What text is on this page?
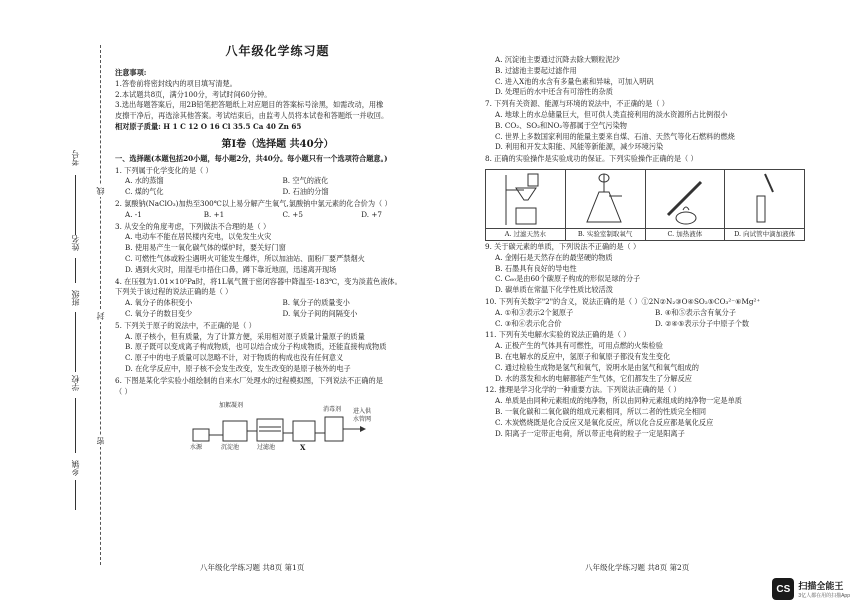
考号
姓名
班级
学校
乡镇
线
封
密
八年级化学练习题
注意事项:
1.答卷前将密封线内的项目填写清楚。
2.本试题共8页，满分100分，考试时间60分钟。
3.选出每题答案后，用2B铅笔把答题纸上对应题目的答案标号涂黑，如需改动，用橡
皮擦干净后，再选涂其他答案。考试结束后，由监考人员将本试卷和答题纸一并收回。
相对原子质量: H 1 C 12 O 16 Cl 35.5 Ca 40 Zn 65
第Ⅰ卷（选择题 共40分）
一、选择题(本题包括20小题，每小题2分，共40分。每小题只有一个选项符合题意。)
1. 下列属于化学变化的是（ ）
A. 水的蒸馏	B. 空气的液化
C. 煤的气化	D. 石油的分馏
2. 氯酸钠(NaClO₃)加热至300℃以上易分解产生氧气,氯酸钠中氯元素的化合价为（ ）
A. -1	B. +1	C. +5	D. +7
3. 从安全的角度考虑，下列做法不合理的是（ ）
A. 电动车不能在居民楼内充电，以免发生火灾
B. 使用易产生一氧化碳气体的煤炉时，要关好门窗
C. 可燃性气体或粉尘遇明火可能发生爆炸，所以加油站、面粉厂要严禁烟火
D. 遇到火灾时，用湿毛巾捂住口鼻，蹲下靠近地面，迅速离开现场
4. 在压强为1.01×10⁵Pa时，将1L氧气置于密闭容器中降温至-183℃，变为淡蓝色液体。
下列关于该过程的说法正确的是（ ）
A. 氧分子的体积变小	B. 氧分子的质量变小
C. 氧分子的数目变少	D. 氧分子间的间隔变小
5. 下列关于原子的说法中，不正确的是（ ）
A. 原子核小，但有质量，为了计算方便，采用相对原子质量计量原子的质量
B. 原子既可以变成离子构成物质，也可以结合成分子构成物质，还能直接构成物质
C. 原子中的电子质量可以忽略不计，对于物质的构成也没有任何意义
D. 在化学反应中，原子核不会发生改变，发生改变的是原子核外的电子
6. 下图是某化学实验小组绘制的自来水厂处理水的过程模拟图，下列说法不正确的是
（ ）
加絮凝剂
水源	沉淀池	过滤池	X
消毒剂 进入供
水管网
八年级化学练习题 共8页 第1页
A. 沉淀池主要通过沉降去除大颗粒泥沙
B. 过滤池主要起过滤作用
C. 进入X池的水含有多量色素和异味，可加入明矾
D. 处理后的水中还含有可溶性的杂质
7. 下列有关资源、能源与环境的说法中，不正确的是（ ）
A. 地球上的水总储量巨大，但可供人类直接利用的淡水资源所占比例很小
B. CO₂、SO₂和NO₂等都属于空气污染物
C. 世界上多数国家利用的能量主要来自煤、石油、天然气等化石燃料的燃烧
D. 利用和开发太阳能、风能等新能源，减少环境污染
8. 正确的实验操作是实验成功的保证。下列实验操作正确的是（ ）
A. 过滤天然水	B. 实验室制取氧气	C. 加热液体	D. 向试管中滴加液体
9. 关于碳元素的单质，下列说法不正确的是（ ）
A. 金刚石是天然存在的最坚硬的物质
B. 石墨具有良好的导电性
C. C₆₀是由60个碳原子构成的形似足球的分子
D. 碳单质在常温下化学性质比较活泼
10. 下列有关数字"2"的含义，说法正确的是（ ）①2N②N₂③O④SO₂⑤CO₃²⁻⑥Mg²⁺
A. ①和③表示2个氮原子	B. ④和⑤表示含有氧分子
C. ③和⑥表示化合价	D. ②④⑤表示分子中原子个数
11. 下列有关电解水实验的说法正确的是（ ）
A. 正极产生的气体具有可燃性，可用点燃的火柴检验
B. 在电解水的反应中，氢原子和氧原子都没有发生变化
C. 通过检验生成物是氢气和氧气，说明水是由氢气和氧气组成的
D. 水的蒸发和水的电解都能产生气体，它们都发生了分解反应
12. 推理是学习化学的一种重要方法。下列说法正确的是（ ）
A. 单质是由同种元素组成的纯净物，所以由同种元素组成的纯净物一定是单质
B. 一氧化碳和二氧化碳的组成元素相同，所以二者的性质完全相同
C. 木炭燃烧既是化合反应又是氧化反应，所以化合反应都是氧化反应
D. 阳离子一定带正电荷，所以带正电荷的粒子一定是阳离子
八年级化学练习题 共8页 第2页
CS 扫描全能王
3亿人都在用的扫描App
